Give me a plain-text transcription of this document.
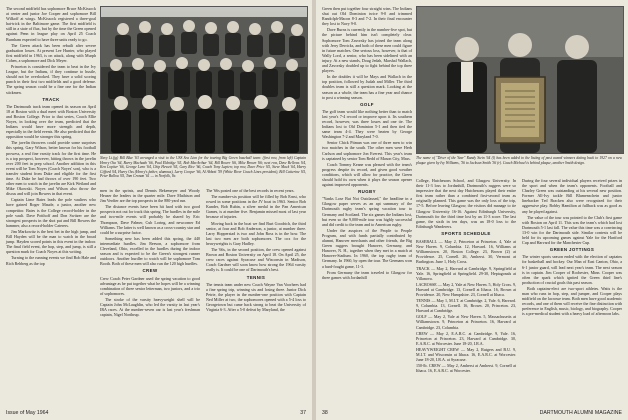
The second midfield has sophomore Bruce McKissock at center and junior Joe Cooper and sophomore Bill Wilkoff at wings. McKissock registered a three-goal hat-trick in the Baltimore game. The first midfield is still in a state of flux, but by the time the Green opened against Penn in league play on April 25 Coach Burnham expected to have three units ready to go.

The Green attack has been rebuilt after severe graduation losses. At present Lee Hunter, who played first midfield in 1963, is on attack, along with Murph Cohen, a sophomore and Dick Meyer.

Princeton is considered the team to beat in the Ivy League, but the Indians, if they continue to hustle, should not be overlooked. They have a solid scoring punch in their first two midfields and a good defense. The spring season could be a fine one for the Indian stickmen.

TRACK

The Dartmouth track team opened its season on April 18 at Boston with a dual meet with Boston University and Boston College. Prior to that series, Coach Ellie Noyes, in looking over the team, predicted that the Indians would have more strength and depth, especially in the field events. He also predicted that the opposition would be stronger this spring.

The javelin throwers could provide some surprises this spring. Gary Wilson, better known for his football prowess, a real fine varsity track for the first time. He is a top prospect, however, hitting throws in the javelin over 200 feet in prep school. Another addition in this event will be Tom Noyes (Coach Noyes' son), who is a transfer student from Duke and eligible for the first time. At Duke he had throws of over 190 feet. Two other men to watch in the javelin are Kirk Weiland and Mike Okowski. Noyes and Wilson also throw the discus and will join Bowers in that event.

Captain Lime Bates leads the pole vaulters who have gained Roger Maude, a junior, another new competitor. Bates is the College record-holder in the pole vault. Dave Potthoff and Don Switzer are the strongest prospects in the shot put and Bill Bowers the hammer, also a record-holder Caterers.

Jim Markowitz is the best bet in the high jump, and Bill Hayden will be the man to watch in the broad jump. Hayden scored points in this event in the indoor. The final field event, the hop, step, and jump, is still a question mark for Coach Noyes at this writing.

Turning to the running events we find Bob Hale and Rich Rehberg as the top

Navy Lt.(jg) Bill Blue '63 arranged a visit to the USS Sea Lion for the touring Big Green baseball team: (first row, from left) Captain Henry Ota '64, Barry Machado '66, Paul Eldridge '65, Bob MacArthur '64, Bill Bower '66, Mike Brown '66; next row, Dave Bellows '64, Ken Lopiter '66, George Leno '64, Chip Hewett '65, Gary Rice '66, Coach Tony Lupien; top row, Dave Price '65, Steve Mack '64, Harry Gifford '64, Harry Oss (Henry's father, alumnus), Larry Cooper '66, Al Abbott '59 (White River Coach Lines president), Bill Catterine '65, Peter Ballou '65, Tom Cronan '61 — in Norfolk, Va.

men in the sprints, and Dennis Bekemeyer and Woody Heuser the leaders in the quarter mile. Dave Mathison and Jim Verdier are the top prospects in the 880-yard run.

The distance events have been hit hard with two good prospects not out for track this spring. The hurdles in the mile and two-mile events will probably be shared by Eric Thompson, Dave Palmer, Cub Loring, and newcomer Ed Williams. The latter is well known as a cross-country star and could be a surprise factor.

Something new has been added this spring, the 440 intermediate hurdles. Jim Reeson, a sophomore from Cleveland, Ohio, excelled in the hurdles during the indoor season and is expected to be the Green's strongest runner outdoors. Another hurdler to watch will be sophomore Tom Booth. Both of these men will also run the 120 high hurdles.

CREW

Crew Coach Peter Gardner used the spring vacation to good advantage as he put together what he hopes will be a winning combination of three senior letterman, two juniors, and a trio of sophomores.

The stroke of the varsity heavyweight shell will be Captain John McLaughlin, who led the varsity in last year's IRA races. At the number-seven oar is last year's freshman captain, Nigel Northrup.

The '66s posted one of the best records in recent years.

The number-six position will be filled by Bob Ernst, who rowed in some positions in the JV boat in 1963. Senior Bob Kunder, Bob Rubin, a silver medal in the Pan American Games, is at number five. Benjamin missed most of last year because of injuries.

Moving back in the boat we find Burt Goodrich, the third senior, at four and Bob Anderson, a junior, at number three. Larry Hopperstad is two and John Ross is in the bow. The last two men are both sophomores. The cox for the heavyweights is Gary Hadley.

The '66s, in the second position, the crew opened against Brown and Boston University on April 18. On April 25, the crew races against Syracuse and Wisconsin in Madison, Coach Gardner will soon know how strong the 1964 varsity really is. It could be one of Dartmouth's best.

TENNIS

The tennis team under new Coach Wayne Van Voorhees had a fine spring trip, winning six and losing three. Junior Dick Petrie, the player in the number-one position with Captain Ned Miller at two, the sophomores opened with a 5-4 loss to Georgetown but came back strong to beat the University of Virginia 6-3. After a 5-0 defeat by Maryland, the

Issue of May 1964	37

Green then put together four straight wins. The Indians shut out Old Dominion twice 9-0 and trimmed Randolph-Macon 8-3 and 7-2. In their final encounter they lost to Navy 9-0.

Dave Burns is currently in the number-five spot, but the picture behind him isn't completely clear. Sophomore Tom Zavorsky has joined the team along with Jerry Derricks, and both of these men could figure in future matches. One serious loss, however, is that of Wally Lord, a senior, who has been sidelined with an injury. At a new stands, Doug Jedah, Marshal Wallach, and Zavorsky doubled up to fight behind the top three players.

In the doubles it will be Mays and Wallach in the top position, followed by Judah and Miller. The third doubles team is still a question mark. Looking at the season as a whole, the team has a fine year and chance to post a winning season.

GOLF

The golf team would like nothing better than to match last year's 7-4 record or improve upon it. Its southern record, however, was three losses and one tie. The Indians lost to Old Dominion 5-1 and then tied the same team 4-4. They were beaten by George Washington 7-2 and Maryland 7-0.

Senior Chick Pitman was one of three men to win two matches in the south. The other men were Herb Carlson and sophomore Jon Everest. This year's team is captained by senior Tom Redd of Mason City, Mass.

Coach Tommy Keane was pleased with the team's progress despite its record, and given good weather conditions, which will allow for practice, the Green should hold its own when it plays the season opener against improved opponents.

RUGBY

"Yanks Lose But Not Outclassed," the headline in a Glasgow paper serves as an apt summary of the Dartmouth rugby team's spring vacation tour to Germany and Scotland. The six games the Indians lost, but even so the 9,000-mile tour was highly successful and did credit to the team and to American rugby.

Under the auspices of the People to People Program, and with funds partially contributed by alumni, Hanover merchants and other friends, the Big Green ruggers brought Hanover, Germany, and Hanover, N. H., together when they met in a match at Hanover-Stadium. In 1960, the top rugby team of Germany. In 1960, by open the tour. The Germans won a hard-fought game, 11-3.

From Germany the team traveled to Glasgow for three games with Jordanhill

The name of "Diver of the Year" Randy Stein '64 (l) has been added to the listing of past award winners dating back to 1927 on a new plaque given by Ivy Williams, '36 to Jackson Smith '36 (r). Coach Michael is behind plaque, another Smith design.

College, Hutchesons School, and Glasgow University. In their 11-3 loss to Jordanhill, Dartmouth's ruggers were so impressive that the next day Hutchesons played their entire first team rather than a combined first-second team as originally planned. This game was the only loss of the trip, 17-5. Before leaving Glasgow, the visitors did manage to tie Glasgow University 16-16. Against Edinburgh University, Dartmouth for the third time lost by an 11-3 score. The last game, the sixth in ten days, was an 18-0 loss to the Edinburgh Wanderers.

SPORTS SCHEDULE

BASEBALL — May 2, Princeton at Princeton. 4, Yale at New Haven. 9, Columbia. 12, Harvard. 16, Williams at Williamstown. 20, Boston College. 23, Brown (2) at Providence. 25, Cornell. 26, Amherst. 30, Vermont at Burlington. June 1, Holy Cross.

TRACK — May 2, Harvard at Cambridge. 9, Springfield at Yale. 16, Springfield at Springfield. 29-30, Heptagonals at Villanova.

LACROSSE — May 2, Yale at New Haven. 5, Holy Cross. 9, Harvard at Cambridge. 13, Cornell at Ithaca. 16, Brown at Providence. 20, New Hampshire. 23, Cornell at Ithaca.

TENNIS — May 1, M.I.T. at Cambridge. 2, Yale. 6, Harvard. 9, Columbia. 13, Cornell. 16, Brown. 20, Princeton. 23, Harvard at Cambridge.

GOLF — May 2, Yale at New Haven. 5, Massachusetts at Williamstown. 9, Princeton at Princeton. 16, Harvard at Cambridge. 23, Columbia.

CREW — May 2, E.A.R.C. at Cambridge. 9, Yale. 16, Princeton at Princeton. 23, Harvard at Cambridge. 30, E.A.R.C. at Worcester. June 18-20, I.R.A.

HEAVYWEIGHT CREW — May 2, Rutgers and B.U. 9, M.I.T. and Wisconsin at Ithaca. 16, E.A.R.C. at Worcester. June 18-20, I.R.A. at Syracuse.

150-lb. CREW — May 2, Amherst at Amherst. 9, Cornell at Ithaca. 16, E.A.R.C. at Worcester.

During the four several individual players received prizes in the sport and when the team's opponents. Football and Charley Green was outstanding at his several new position. Former All-Ivy tackle Bill Blumenschein and junior linebacker Ted Bracken also were recognized for their aggressive play. Bobby Hamilton at fullback was as good as any he played against.

The value of the tour was pointed to the Club's first game with Boston on April 11. This was the team's which had lost Dartmouth 5-1 last fall. The value this time was a convincing 13-0 win for the Dartmouth side. Similar contests will be held for its upcoming games against Yale for the Hartford Cup and Harvard for the Manchester Cup.

GREEN JOTTINGS

The winter sports season ended with the election of captains for basketball and hockey. Our Man of East Canton, Ohio, a 6-1 junior guard, will lead next year's team. The next season is in captain. Jim Cooper of Rochester, Minn. Cooper was often the spark which ignited the Green third line's production of crucial goals this past season.

Both captains-elect are two-sport athletes. Watts is the man who runs in hop, step, and jumper, and Cooper plays midfield on the lacrosse team. Both men have good academic records, and one of them will receive the fine distinction with preference in English, music, biology, and biography. Cooper is a pre-medical student with a heavy load of afternoon labs.

38	DARTMOUTH ALUMNI MAGAZINE
